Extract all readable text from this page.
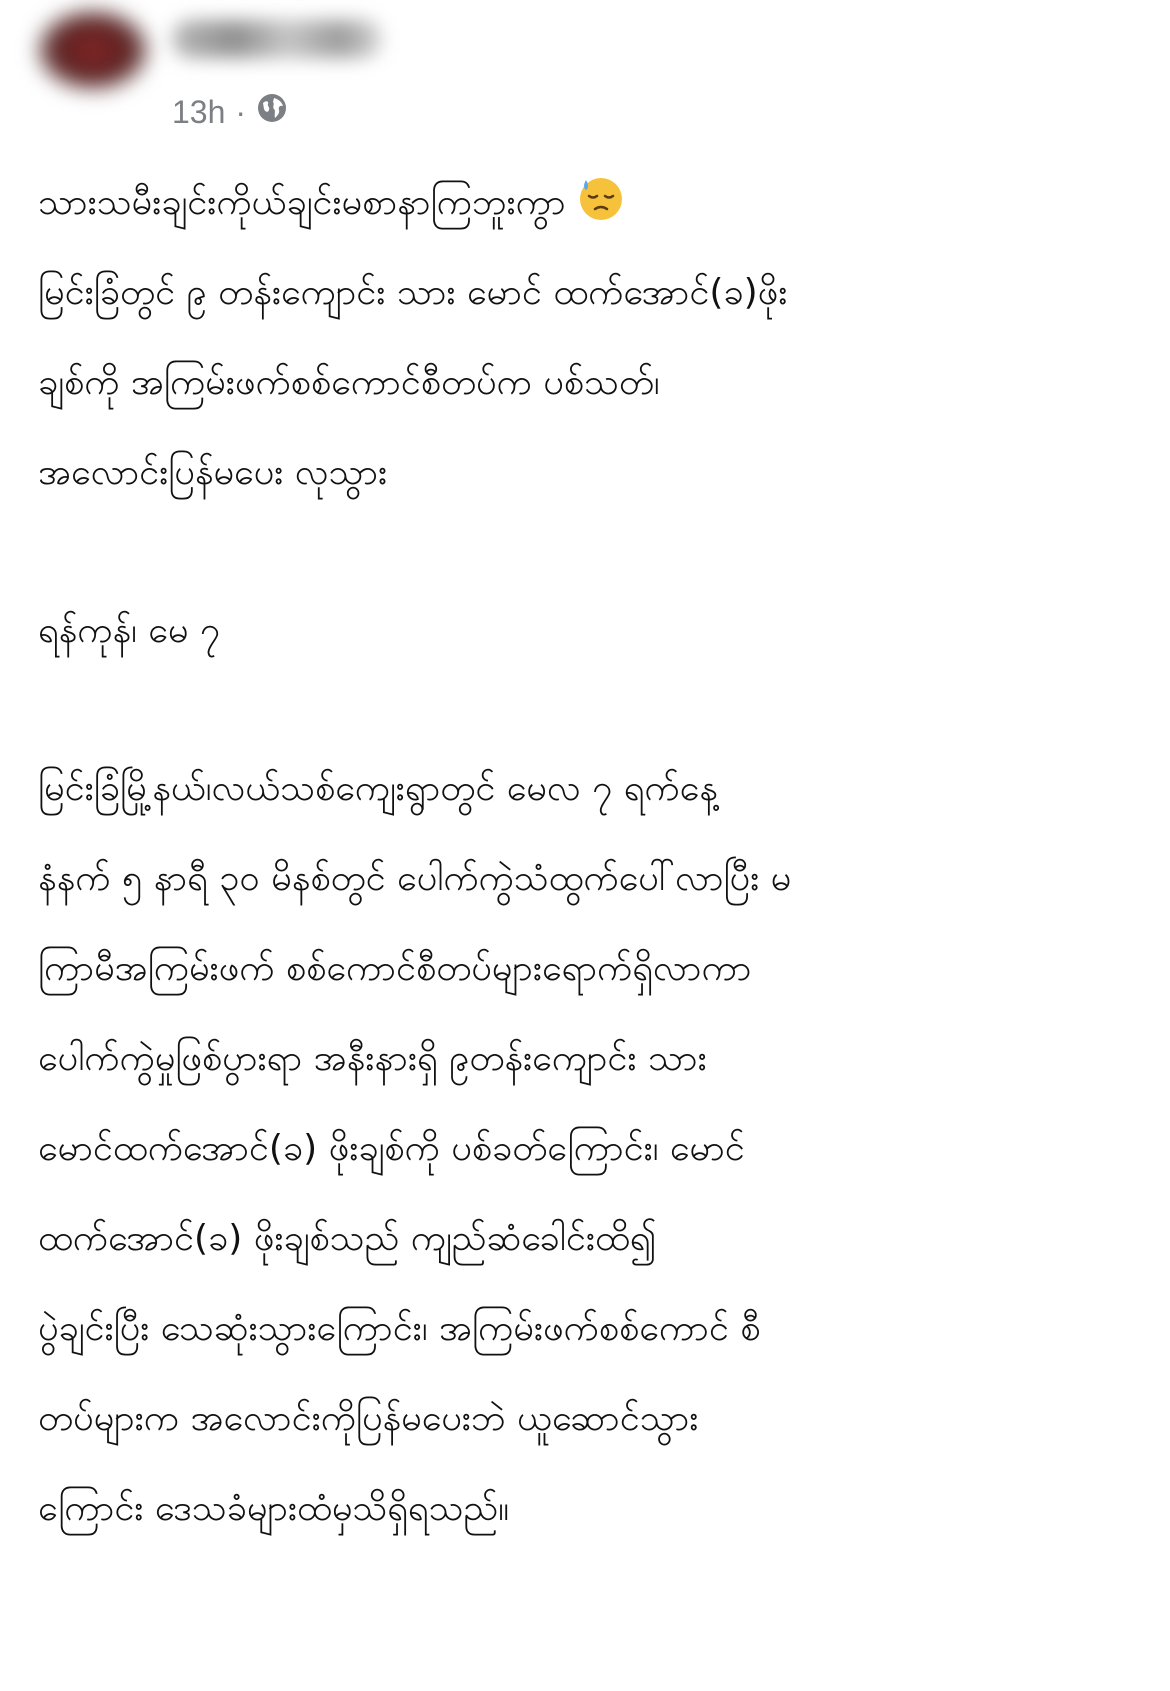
13h ·
သားသမီးချင်းကိုယ်ချင်းမစာနာကြဘူးကွာ
မြင်းခြံတွင် ၉ တန်းကျောင်း သား မောင် ထက်အောင်(ခ)ဖိုး
ချစ်ကို အကြမ်းဖက်စစ်ကောင်စီတပ်က ပစ်သတ်၊
အလောင်းပြန်မပေး လုသွား
ရန်ကုန်၊ မေ ၇
မြင်းခြံမြို့နယ်၊လယ်သစ်ကျေးရွာတွင် မေလ ၇ ရက်နေ့
နံနက် ၅ နာရီ ၃၀ မိနစ်တွင် ပေါက်ကွဲသံထွက်ပေါ်လာပြီး မ
ကြာမီအကြမ်းဖက် စစ်ကောင်စီတပ်များရောက်ရှိလာကာ
ပေါက်ကွဲမှုဖြစ်ပွားရာ အနီးနားရှိ ၉တန်းကျောင်း သား
မောင်ထက်အောင်(ခ) ဖိုးချစ်ကို ပစ်ခတ်ကြောင်း၊ မောင်
ထက်အောင်(ခ) ဖိုးချစ်သည် ကျည်ဆံခေါင်းထိ၍
ပွဲချင်းပြီး သေဆုံးသွားကြောင်း၊ အကြမ်းဖက်စစ်ကောင် စီ
တပ်များက အလောင်းကိုပြန်မပေးဘဲ ယူဆောင်သွား
ကြောင်း ဒေသခံများထံမှသိရှိရသည်။
